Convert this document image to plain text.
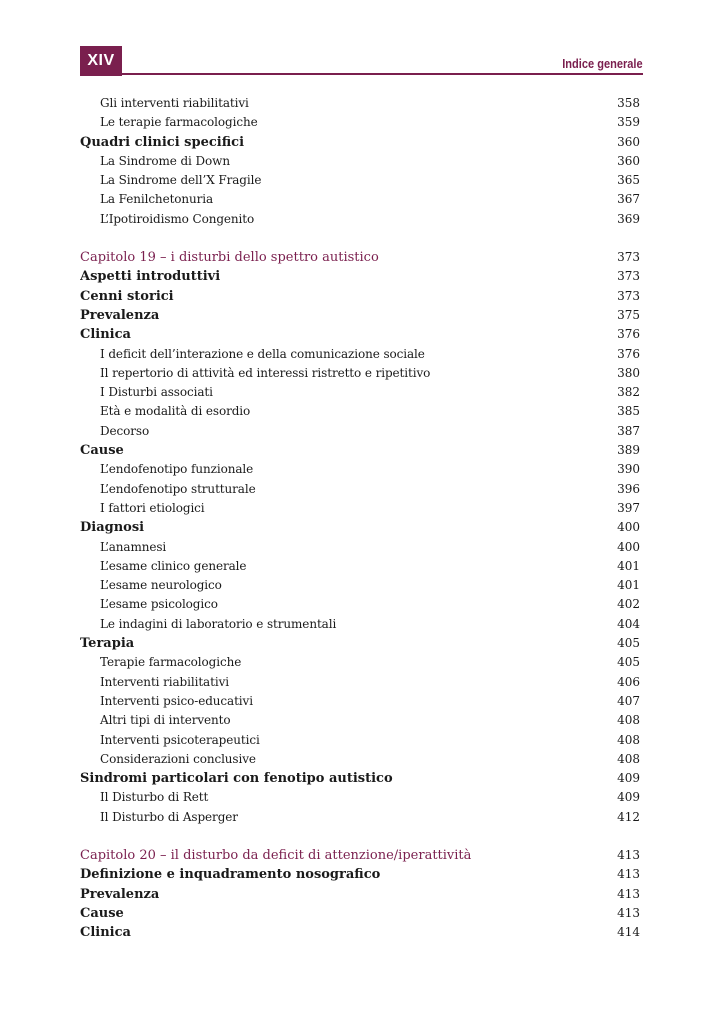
XIV	Indice generale
Gli interventi riabilitativi	358
Le terapie farmacologiche	359
Quadri clinici specifici	360
La Sindrome di Down	360
La Sindrome dell’X Fragile	365
La Fenilchetonuria	367
L’Ipotiroidismo Congenito	369
Capitolo 19 – i disturbi dello spettro autistico	373
Aspetti introduttivi	373
Cenni storici	373
Prevalenza	375
Clinica	376
I deficit dell’interazione e della comunicazione sociale	376
Il repertorio di attività ed interessi ristretto e ripetitivo	380
I Disturbi associati	382
Età e modalità di esordio	385
Decorso	387
Cause	389
L’endofenotipo funzionale	390
L’endofenotipo strutturale	396
I fattori etiologici	397
Diagnosi	400
L’anamnesi	400
L’esame clinico generale	401
L’esame neurologico	401
L’esame psicologico	402
Le indagini di laboratorio e strumentali	404
Terapia	405
Terapie farmacologiche	405
Interventi riabilitativi	406
Interventi psico-educativi	407
Altri tipi di intervento	408
Interventi psicoterapeutici	408
Considerazioni conclusive	408
Sindromi particolari con fenotipo autistico	409
Il Disturbo di Rett	409
Il Disturbo di Asperger	412
Capitolo 20 – il disturbo da deficit di attenzione/iperattività	413
Definizione e inquadramento nosografico	413
Prevalenza	413
Cause	413
Clinica	414
